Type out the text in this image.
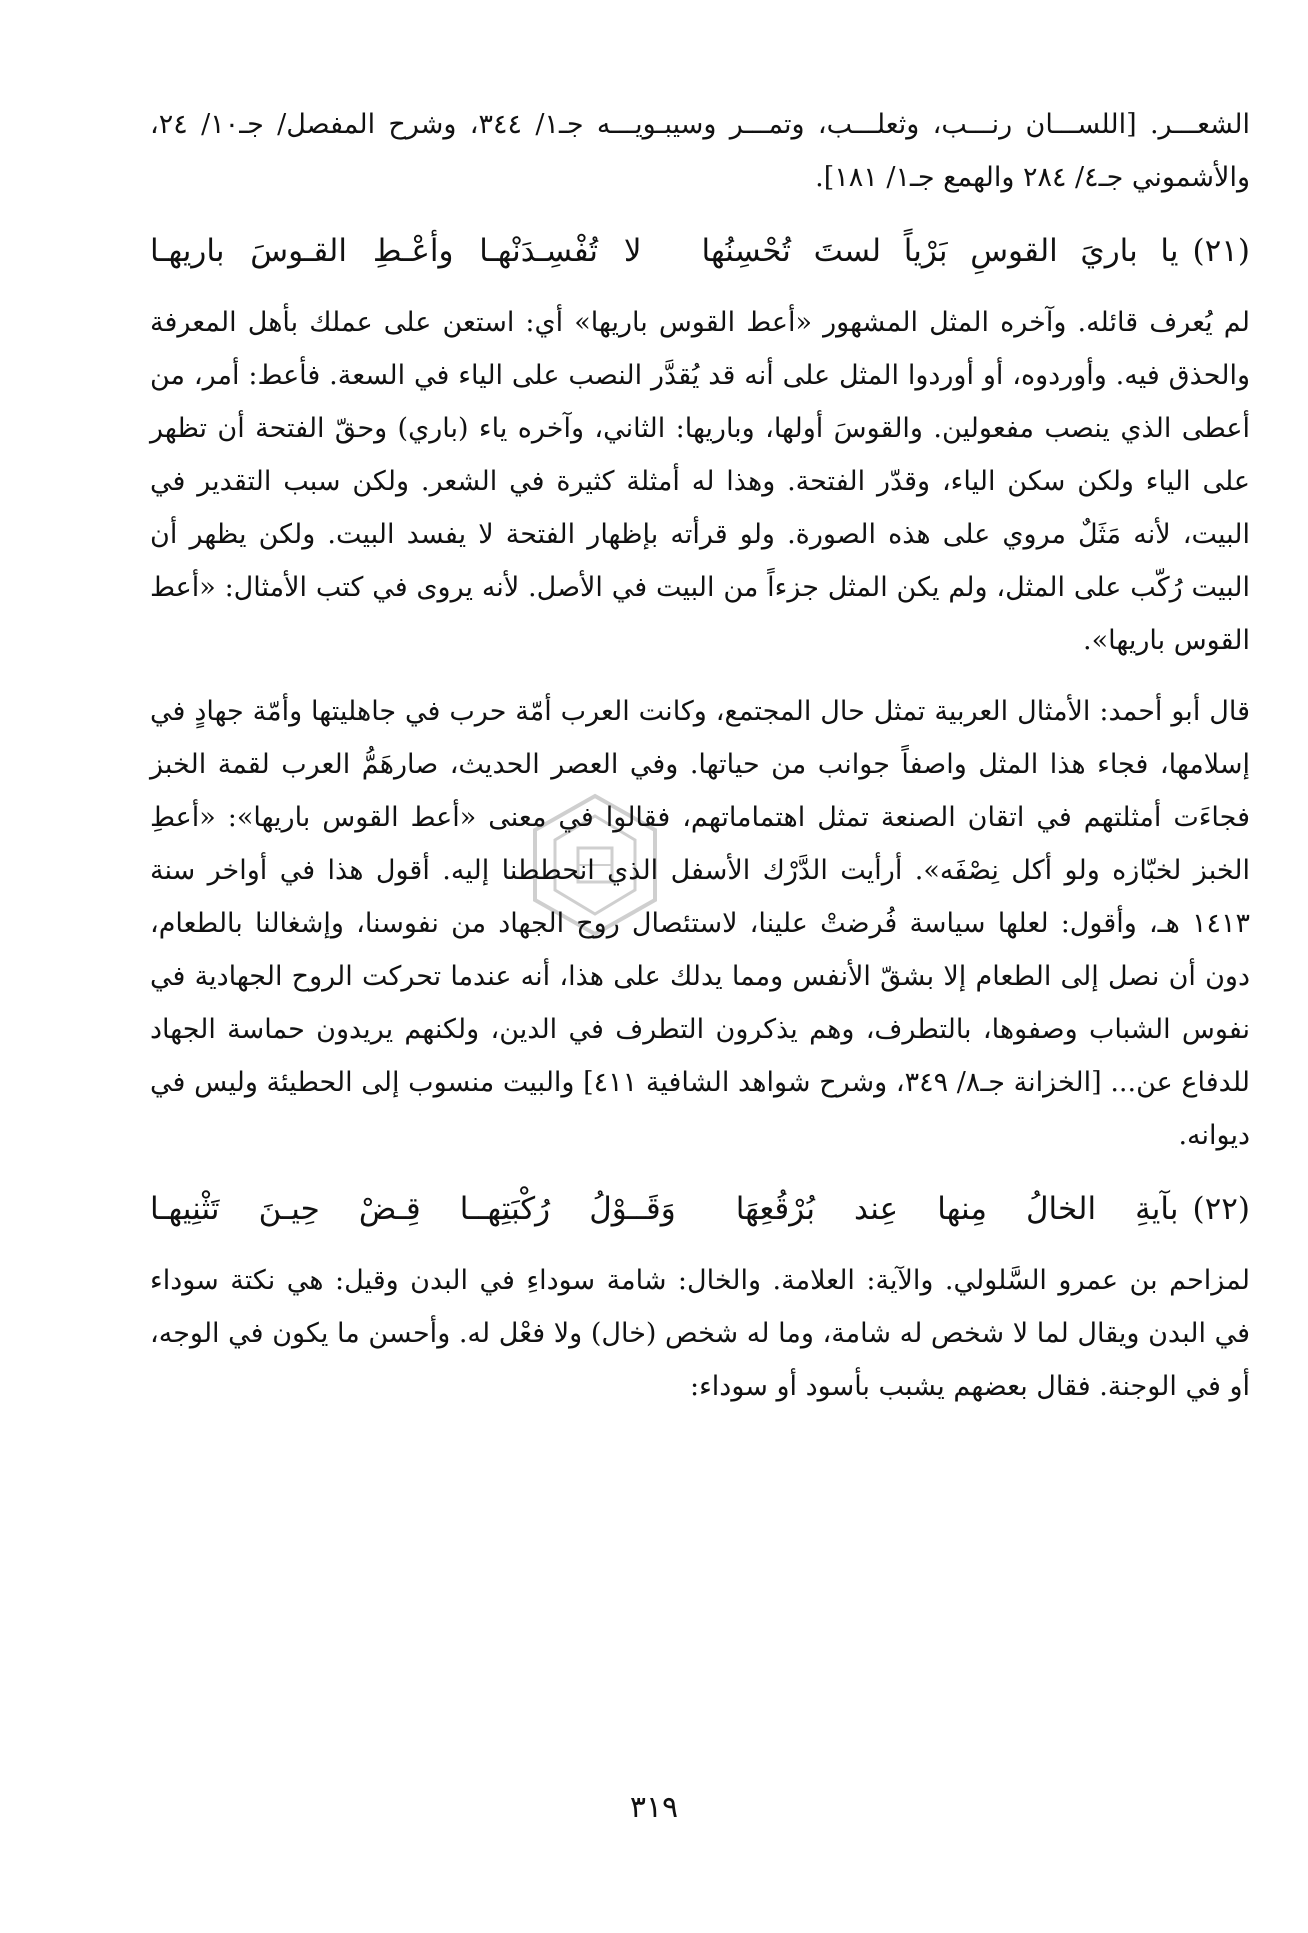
الشعـــر. [اللســـان رنـــب، وثعلـــب، وتمـــر وسيبـويـــه جـ١/ ٣٤٤، وشرح المفصل/ جـ١٠/ ٢٤، والأشموني جـ٤/ ٢٨٤ والهمع جـ١/ ١٨١].

(٢١)
يا باريَ القوسِ بَرْياً لستَ تُحْسِنُها
لا تُفْسِـدَنْهـا وأعْـطِ القـوسَ باريهـا

لم يُعرف قائله. وآخره المثل المشهور «أعط القوس باريها» أي: استعن على عملك بأهل المعرفة والحذق فيه. وأوردوه، أو أوردوا المثل على أنه قد يُقدَّر النصب على الياء في السعة. فأعط: أمر، من أعطى الذي ينصب مفعولين. والقوسَ أولها، وباريها: الثاني، وآخره ياء (باري) وحقّ الفتحة أن تظهر على الياء ولكن سكن الياء، وقدّر الفتحة. وهذا له أمثلة كثيرة في الشعر. ولكن سبب التقدير في البيت، لأنه مَثَلٌ مروي على هذه الصورة. ولو قرأته بإظهار الفتحة لا يفسد البيت. ولكن يظهر أن البيت رُكّب على المثل، ولم يكن المثل جزءاً من البيت في الأصل. لأنه يروى في كتب الأمثال: «أعط القوس باريها».

قال أبو أحمد: الأمثال العربية تمثل حال المجتمع، وكانت العرب أمّة حرب في جاهليتها وأمّة جهادٍ في إسلامها، فجاء هذا المثل واصفاً جوانب من حياتها. وفي العصر الحديث، صارهَمُّ العرب لقمة الخبز فجاءَت أمثلتهم في اتقان الصنعة تمثل اهتماماتهم، فقالوا في معنى «أعط القوس باريها»: «أعطِ الخبز لخبّازه ولو أكل نِصْفَه». أرأيت الدَّرْك الأسفل الذي انحططنا إليه. أقول هذا في أواخر سنة ١٤١٣ هـ، وأقول: لعلها سياسة فُرضتْ علينا، لاستئصال روح الجهاد من نفوسنا، وإشغالنا بالطعام، دون أن نصل إلى الطعام إلا بشقّ الأنفس ومما يدلك على هذا، أنه عندما تحركت الروح الجهادية في نفوس الشباب وصفوها، بالتطرف، وهم يذكرون التطرف في الدين، ولكنهم يريدون حماسة الجهاد للدفاع عن... [الخزانة جـ٨/ ٣٤٩، وشرح شواهد الشافية ٤١١] والبيت منسوب إلى الحطيئة وليس في ديوانه.

(٢٢)
بآيةِ الخالُ مِنها عِند بُرْقُعِهَا
وَقَــوْلُ رُكْبَتِهــا قِـضْ حِيـنَ تَثْنِيهـا

لمزاحم بن عمرو السَّلولي. والآية: العلامة. والخال: شامة سوداءِ في البدن وقيل: هي نكتة سوداء في البدن ويقال لما لا شخص له شامة، وما له شخص (خال) ولا فعْل له. وأحسن ما يكون في الوجه، أو في الوجنة. فقال بعضهم يشبب بأسود أو سوداء:

٣١٩
